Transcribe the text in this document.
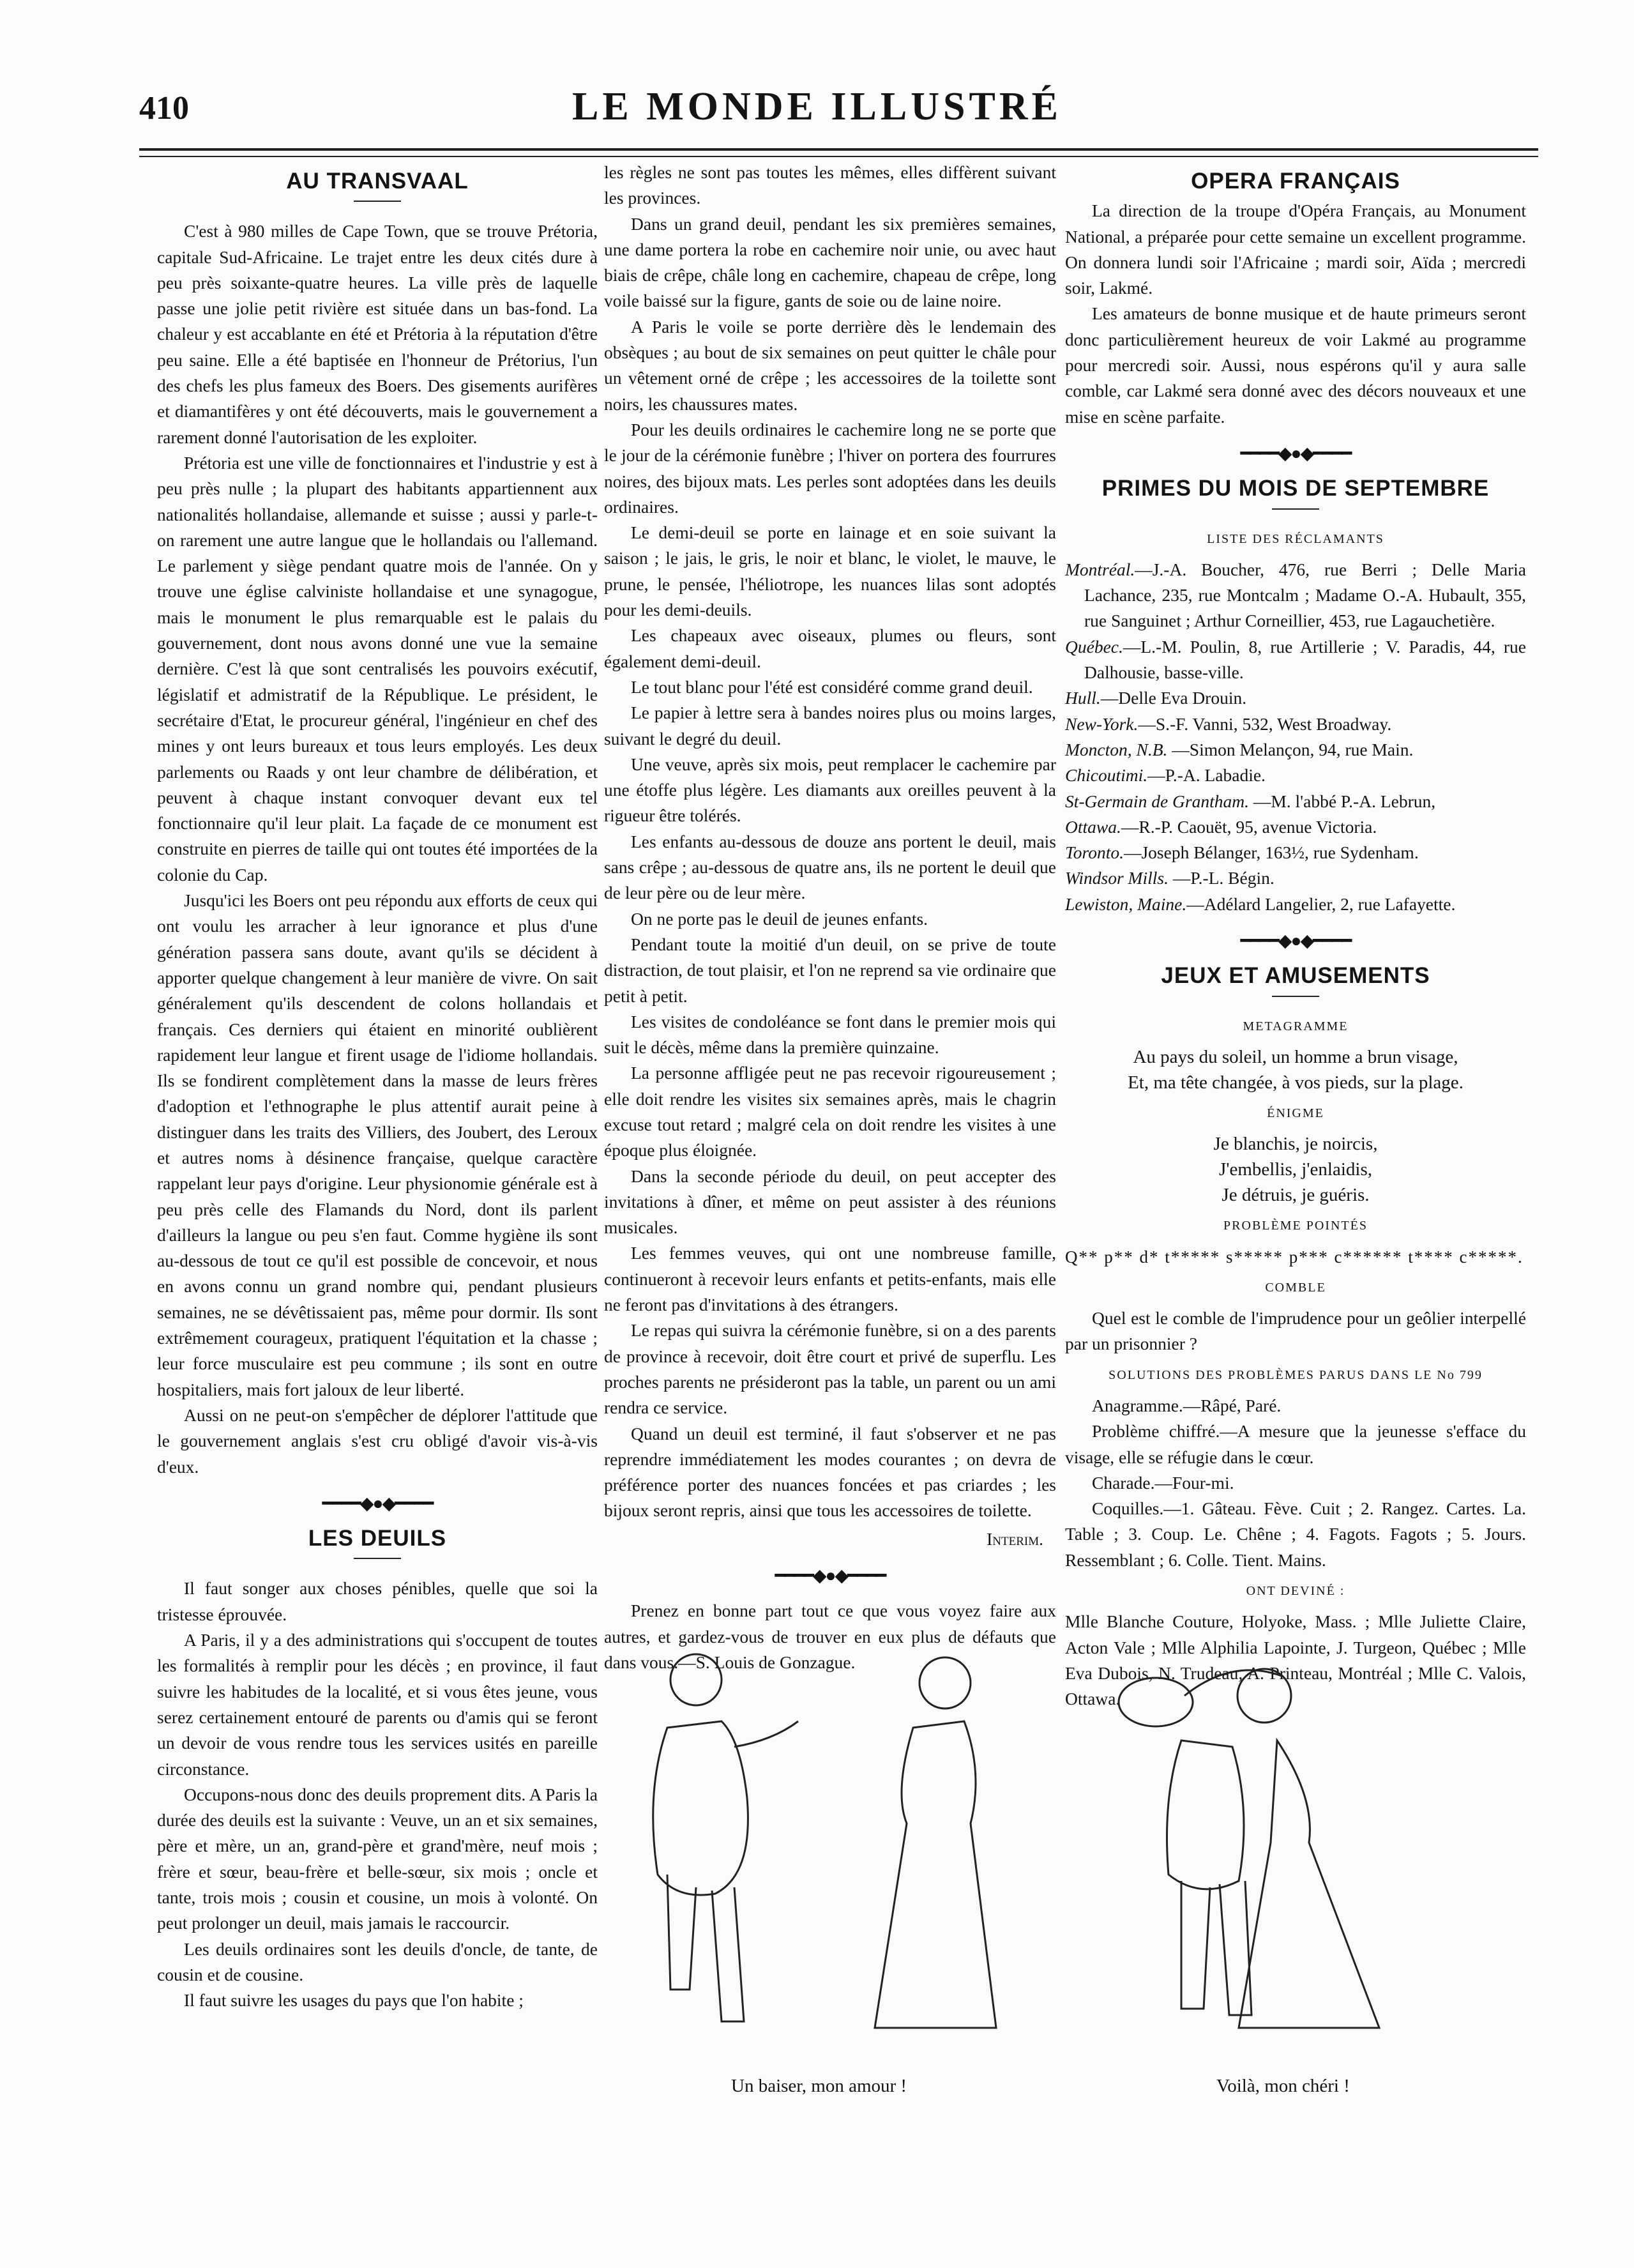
410	LE MONDE ILLUSTRÉ
AU TRANSVAAL

C'est à 980 milles de Cape Town, que se trouve Prétoria, capitale Sud-Africaine. Le trajet entre les deux cités dure à peu près soixante-quatre heures. La ville près de laquelle passe une jolie petit rivière est située dans un bas-fond. La chaleur y est accablante en été et Prétoria à la réputation d'être peu saine. Elle a été baptisée en l'honneur de Prétorius, l'un des chefs les plus fameux des Boers. Des gisements aurifères et diamantifères y ont été découverts, mais le gouvernement a rarement donné l'autorisation de les exploiter.

Prétoria est une ville de fonctionnaires et l'industrie y est à peu près nulle ; la plupart des habitants appartiennent aux nationalités hollandaise, allemande et suisse ; aussi y parle-t-on rarement une autre langue que le hollandais ou l'allemand. Le parlement y siège pendant quatre mois de l'année. On y trouve une église calviniste hollandaise et une synagogue, mais le monument le plus remarquable est le palais du gouvernement, dont nous avons donné une vue la semaine dernière. C'est là que sont centralisés les pouvoirs exécutif, législatif et admistratif de la République. Le président, le secrétaire d'Etat, le procureur général, l'ingénieur en chef des mines y ont leurs bureaux et tous leurs employés. Les deux parlements ou Raads y ont leur chambre de délibération, et peuvent à chaque instant convoquer devant eux tel fonctionnaire qu'il leur plait. La façade de ce monument est construite en pierres de taille qui ont toutes été importées de la colonie du Cap.

Jusqu'ici les Boers ont peu répondu aux efforts de ceux qui ont voulu les arracher à leur ignorance et plus d'une génération passera sans doute, avant qu'ils se décident à apporter quelque changement à leur manière de vivre. On sait généralement qu'ils descendent de colons hollandais et français. Ces derniers qui étaient en minorité oublièrent rapidement leur langue et firent usage de l'idiome hollandais. Ils se fondirent complètement dans la masse de leurs frères d'adoption et l'ethnographe le plus attentif aurait peine à distinguer dans les traits des Villiers, des Joubert, des Leroux et autres noms à désinence française, quelque caractère rappelant leur pays d'origine. Leur physionomie générale est à peu près celle des Flamands du Nord, dont ils parlent d'ailleurs la langue ou peu s'en faut. Comme hygiène ils sont au-dessous de tout ce qu'il est possible de concevoir, et nous en avons connu un grand nombre qui, pendant plusieurs semaines, ne se dévêtissaient pas, même pour dormir. Ils sont extrêmement courageux, pratiquent l'équitation et la chasse ; leur force musculaire est peu commune ; ils sont en outre hospitaliers, mais fort jaloux de leur liberté.

Aussi on ne peut-on s'empêcher de déplorer l'attitude que le gouvernement anglais s'est cru obligé d'avoir vis-à-vis d'eux.

━━━━◆●◆━━━━
LES DEUILS

Il faut songer aux choses pénibles, quelle que soi la tristesse éprouvée.

A Paris, il y a des administrations qui s'occupent de toutes les formalités à remplir pour les décès ; en province, il faut suivre les habitudes de la localité, et si vous êtes jeune, vous serez certainement entouré de parents ou d'amis qui se feront un devoir de vous rendre tous les services usités en pareille circonstance.

Occupons-nous donc des deuils proprement dits. A Paris la durée des deuils est la suivante : Veuve, un an et six semaines, père et mère, un an, grand-père et grand'mère, neuf mois ; frère et sœur, beau-frère et belle-sœur, six mois ; oncle et tante, trois mois ; cousin et cousine, un mois à volonté. On peut prolonger un deuil, mais jamais le raccourcir.

Les deuils ordinaires sont les deuils d'oncle, de tante, de cousin et de cousine.

Il faut suivre les usages du pays que l'on habite ;

les règles ne sont pas toutes les mêmes, elles diffèrent suivant les provinces.

Dans un grand deuil, pendant les six premières semaines, une dame portera la robe en cachemire noir unie, ou avec haut biais de crêpe, châle long en cachemire, chapeau de crêpe, long voile baissé sur la figure, gants de soie ou de laine noire.

A Paris le voile se porte derrière dès le lendemain des obsèques ; au bout de six semaines on peut quitter le châle pour un vêtement orné de crêpe ; les accessoires de la toilette sont noirs, les chaussures mates.

Pour les deuils ordinaires le cachemire long ne se porte que le jour de la cérémonie funèbre ; l'hiver on portera des fourrures noires, des bijoux mats. Les perles sont adoptées dans les deuils ordinaires.

Le demi-deuil se porte en lainage et en soie suivant la saison ; le jais, le gris, le noir et blanc, le violet, le mauve, le prune, le pensée, l'héliotrope, les nuances lilas sont adoptés pour les demi-deuils.

Les chapeaux avec oiseaux, plumes ou fleurs, sont également demi-deuil.

Le tout blanc pour l'été est considéré comme grand deuil.

Le papier à lettre sera à bandes noires plus ou moins larges, suivant le degré du deuil.

Une veuve, après six mois, peut remplacer le cachemire par une étoffe plus légère. Les diamants aux oreilles peuvent à la rigueur être tolérés.

Les enfants au-dessous de douze ans portent le deuil, mais sans crêpe ; au-dessous de quatre ans, ils ne portent le deuil que de leur père ou de leur mère.

On ne porte pas le deuil de jeunes enfants.

Pendant toute la moitié d'un deuil, on se prive de toute distraction, de tout plaisir, et l'on ne reprend sa vie ordinaire que petit à petit.

Les visites de condoléance se font dans le premier mois qui suit le décès, même dans la première quinzaine.

La personne affligée peut ne pas recevoir rigoureusement ; elle doit rendre les visites six semaines après, mais le chagrin excuse tout retard ; malgré cela on doit rendre les visites à une époque plus éloignée.

Dans la seconde période du deuil, on peut accepter des invitations à dîner, et même on peut assister à des réunions musicales.

Les femmes veuves, qui ont une nombreuse famille, continueront à recevoir leurs enfants et petits-enfants, mais elle ne feront pas d'invitations à des étrangers.

Le repas qui suivra la cérémonie funèbre, si on a des parents de province à recevoir, doit être court et privé de superflu. Les proches parents ne présideront pas la table, un parent ou un ami rendra ce service.

Quand un deuil est terminé, il faut s'observer et ne pas reprendre immédiatement les modes courantes ; on devra de préférence porter des nuances foncées et pas criardes ; les bijoux seront repris, ainsi que tous les accessoires de toilette.

Interim.
━━━━◆●◆━━━━

Prenez en bonne part tout ce que vous voyez faire aux autres, et gardez-vous de trouver en eux plus de défauts que dans vous.—S. Louis de Gonzague.

OPERA FRANÇAIS

La direction de la troupe d'Opéra Français, au Monument National, a préparée pour cette semaine un excellent programme. On donnera lundi soir l'Africaine ; mardi soir, Aïda ; mercredi soir, Lakmé.

Les amateurs de bonne musique et de haute primeurs seront donc particulièrement heureux de voir Lakmé au programme pour mercredi soir. Aussi, nous espérons qu'il y aura salle comble, car Lakmé sera donné avec des décors nouveaux et une mise en scène parfaite.

━━━━◆●◆━━━━
PRIMES DU MOIS DE SEPTEMBRE
LISTE DES RÉCLAMANTS

Montréal.—J.-A. Boucher, 476, rue Berri ; Delle Maria Lachance, 235, rue Montcalm ; Madame O.-A. Hubault, 355, rue Sanguinet ; Arthur Corneillier, 453, rue Lagauchetière.

Québec.—L.-M. Poulin, 8, rue Artillerie ; V. Paradis, 44, rue Dalhousie, basse-ville.

Hull.—Delle Eva Drouin.

New-York.—S.-F. Vanni, 532, West Broadway.

Moncton, N.B. —Simon Melançon, 94, rue Main.

Chicoutimi.—P.-A. Labadie.

St-Germain de Grantham. —M. l'abbé P.-A. Lebrun,

Ottawa.—R.-P. Caouët, 95, avenue Victoria.

Toronto.—Joseph Bélanger, 163½, rue Sydenham.

Windsor Mills. —P.-L. Bégin.

Lewiston, Maine.—Adélard Langelier, 2, rue Lafayette.

━━━━◆●◆━━━━
JEUX ET AMUSEMENTS
METAGRAMME
Au pays du soleil, un homme a brun visage,
Et, ma tête changée, à vos pieds, sur la plage.
ÉNIGME
Je blanchis, je noircis,
J'embellis, j'enlaidis,
Je détruis, je guéris.
PROBLÈME POINTÉS

Q** p** d* t***** s***** p*** c****** t**** c*****.

COMBLE

Quel est le comble de l'imprudence pour un geôlier interpellé par un prisonnier ?

SOLUTIONS DES PROBLÈMES PARUS DANS LE No 799

Anagramme.—Râpé, Paré.

Problème chiffré.—A mesure que la jeunesse s'efface du visage, elle se réfugie dans le cœur.

Charade.—Four-mi.

Coquilles.—1. Gâteau. Fève. Cuit ; 2. Rangez. Cartes. La. Table ; 3. Coup. Le. Chêne ; 4. Fagots. Fagots ; 5. Jours. Ressemblant ; 6. Colle. Tient. Mains.

ONT DEVINÉ :

Mlle Blanche Couture, Holyoke, Mass. ; Mlle Juliette Claire, Acton Vale ; Mlle Alphilia Lapointe, J. Turgeon, Québec ; Mlle Eva Dubois, N. Trudeau, A. Printeau, Montréal ; Mlle C. Valois, Ottawa.

Un baiser, mon amour !	Voilà, mon chéri !
